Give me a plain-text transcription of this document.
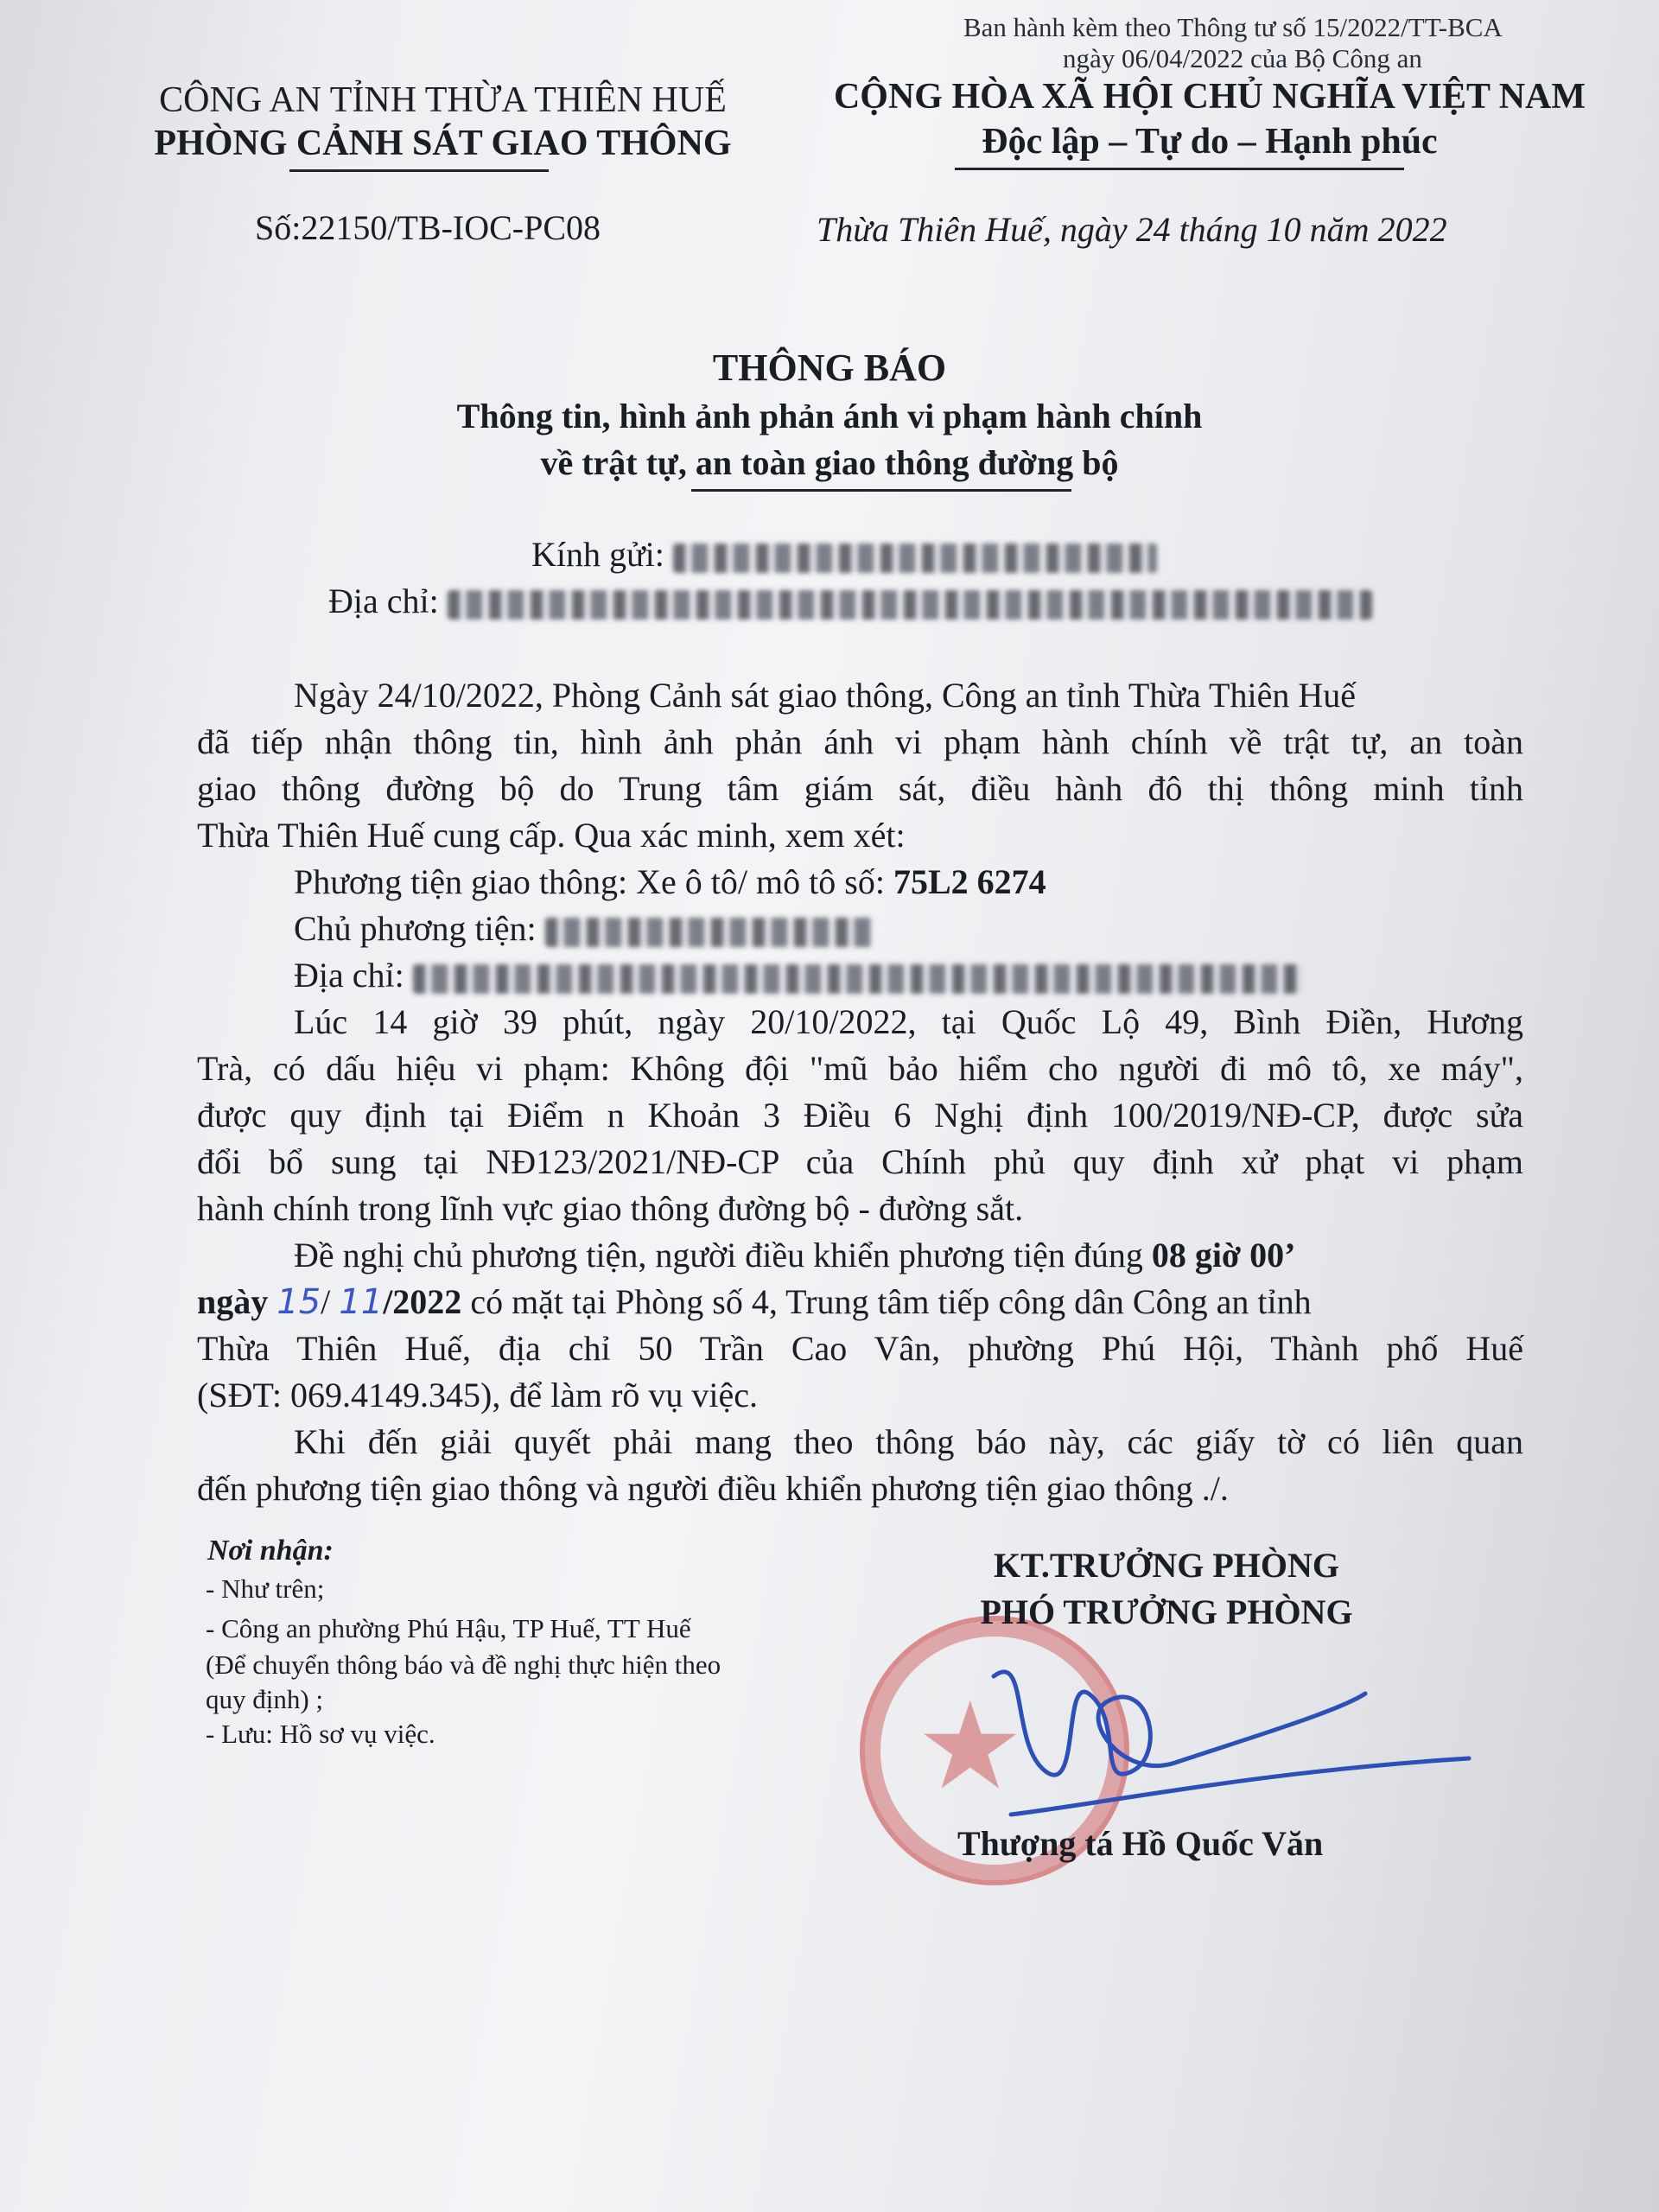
Ban hành kèm theo Thông tư số 15/2022/TT-BCA
ngày 06/04/2022 của Bộ Công an
CÔNG AN TỈNH THỪA THIÊN HUẾ
PHÒNG CẢNH SÁT GIAO THÔNG
Số:22150/TB-IOC-PC08
CỘNG HÒA XÃ HỘI CHỦ NGHĨA VIỆT NAM
Độc lập – Tự do – Hạnh phúc
Thừa Thiên Huế, ngày 24 tháng 10 năm 2022
THÔNG BÁO
Thông tin, hình ảnh phản ánh vi phạm hành chính
về trật tự, an toàn giao thông đường bộ
Kính gửi:
Địa chỉ:
Ngày 24/10/2022, Phòng Cảnh sát giao thông, Công an tỉnh Thừa Thiên Huế
đã tiếp nhận thông tin, hình ảnh phản ánh vi phạm hành chính về trật tự, an toàn
giao thông đường bộ do Trung tâm giám sát, điều hành đô thị thông minh tỉnh
Thừa Thiên Huế cung cấp. Qua xác minh, xem xét:
Phương tiện giao thông: Xe ô tô/ mô tô số: 75L2 6274
Chủ phương tiện:
Địa chỉ:
Lúc 14 giờ 39 phút, ngày 20/10/2022, tại Quốc Lộ 49, Bình Điền, Hương
Trà, có dấu hiệu vi phạm: Không đội "mũ bảo hiểm cho người đi mô tô, xe máy",
được quy định tại Điểm n Khoản 3 Điều 6 Nghị định 100/2019/NĐ-CP, được sửa
đổi bổ sung tại NĐ123/2021/NĐ-CP của Chính phủ quy định xử phạt vi phạm
hành chính trong lĩnh vực giao thông đường bộ - đường sắt.
Đề nghị chủ phương tiện, người điều khiển phương tiện đúng 08 giờ 00’
ngày 15/ 11/2022 có mặt tại Phòng số 4, Trung tâm tiếp công dân Công an tỉnh
Thừa Thiên Huế, địa chỉ 50 Trần Cao Vân, phường Phú Hội, Thành phố Huế
(SĐT: 069.4149.345), để làm rõ vụ việc.
Khi đến giải quyết phải mang theo thông báo này, các giấy tờ có liên quan
đến phương tiện giao thông và người điều khiển phương tiện giao thông ./.
Nơi nhận:
- Như trên;
- Công an phường Phú Hậu, TP Huế, TT Huế
(Để chuyển thông báo và đề nghị thực hiện theo
quy định) ;
- Lưu: Hồ sơ vụ việc.	★
KT.TRƯỞNG PHÒNG
PHÓ TRƯỞNG PHÒNG
Thượng tá Hồ Quốc Văn
